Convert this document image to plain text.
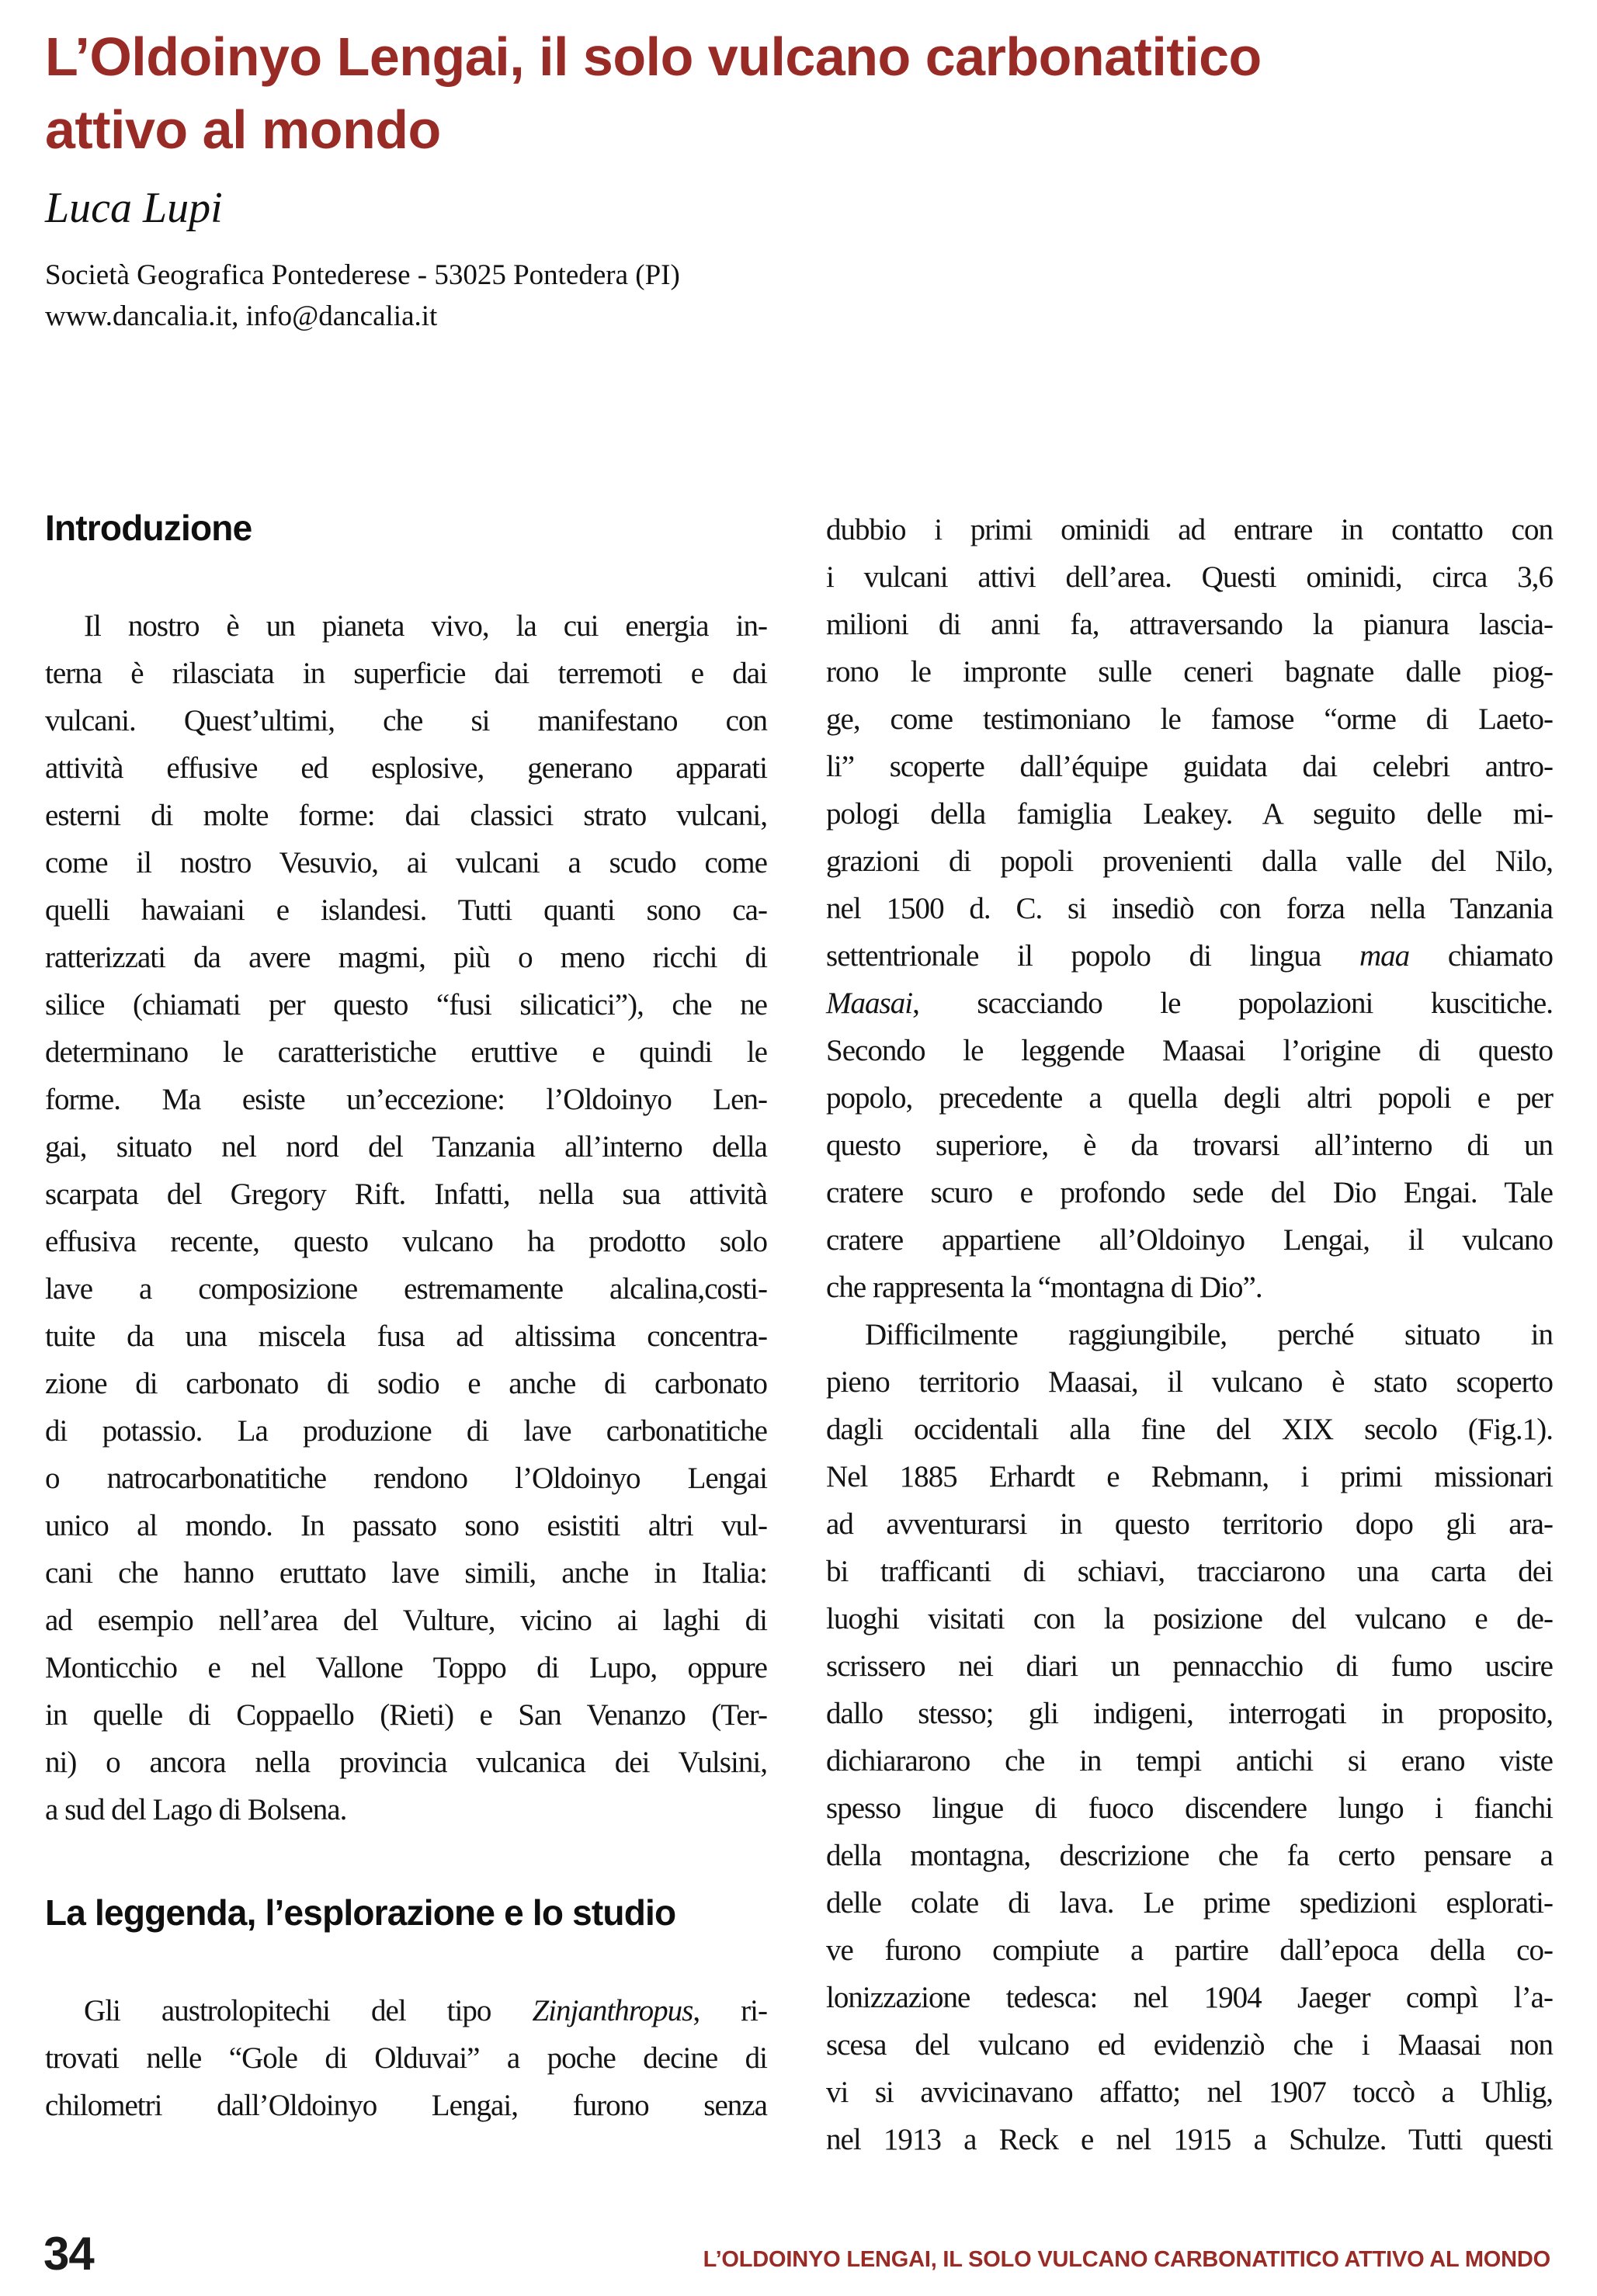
L’Oldoinyo Lengai, il solo vulcano carbonatitico
attivo al mondo
Luca Lupi
Società Geografica Pontederese - 53025 Pontedera (PI)
www.dancalia.it, info@dancalia.it
Introduzione
Il nostro è un pianeta vivo, la cui energia in-
terna è rilasciata in superficie dai terremoti e dai
vulcani. Quest’ultimi, che si manifestano con
attività effusive ed esplosive, generano apparati
esterni di molte forme: dai classici strato vulcani,
come il nostro Vesuvio, ai vulcani a scudo come
quelli hawaiani e islandesi. Tutti quanti sono ca-
ratterizzati da avere magmi, più o meno ricchi di
silice (chiamati per questo “fusi silicatici”), che ne
determinano le caratteristiche eruttive e quindi le
forme. Ma esiste un’eccezione: l’Oldoinyo Len-
gai, situato nel nord del Tanzania all’interno della
scarpata del Gregory Rift. Infatti, nella sua attività
effusiva recente, questo vulcano ha prodotto solo
lave a composizione estremamente alcalina,costi-
tuite da una miscela fusa ad altissima concentra-
zione di carbonato di sodio e anche di carbonato
di potassio. La produzione di lave carbonatitiche
o natrocarbonatitiche rendono l’Oldoinyo Lengai
unico al mondo. In passato sono esistiti altri vul-
cani che hanno eruttato lave simili, anche in Italia:
ad esempio nell’area del Vulture, vicino ai laghi di
Monticchio e nel Vallone Toppo di Lupo, oppure
in quelle di Coppaello (Rieti) e San Venanzo (Ter-
ni) o ancora nella provincia vulcanica dei Vulsini,
a sud del Lago di Bolsena.
La leggenda, l’esplorazione e lo studio
Gli austrolopitechi del tipo Zinjanthropus, ri-
trovati nelle “Gole di Olduvai” a poche decine di
chilometri dall’Oldoinyo Lengai, furono senza
dubbio i primi ominidi ad entrare in contatto con
i vulcani attivi dell’area. Questi ominidi, circa 3,6
milioni di anni fa, attraversando la pianura lascia-
rono le impronte sulle ceneri bagnate dalle piog-
ge, come testimoniano le famose “orme di Laeto-
li” scoperte dall’équipe guidata dai celebri antro-
pologi della famiglia Leakey. A seguito delle mi-
grazioni di popoli provenienti dalla valle del Nilo,
nel 1500 d. C. si insediò con forza nella Tanzania
settentrionale il popolo di lingua maa chiamato
Maasai, scacciando le popolazioni kuscitiche.
Secondo le leggende Maasai l’origine di questo
popolo, precedente a quella degli altri popoli e per
questo superiore, è da trovarsi all’interno di un
cratere scuro e profondo sede del Dio Engai. Tale
cratere appartiene all’Oldoinyo Lengai, il vulcano
che rappresenta la “montagna di Dio”.
Difficilmente raggiungibile, perché situato in
pieno territorio Maasai, il vulcano è stato scoperto
dagli occidentali alla fine del XIX secolo (Fig.1).
Nel 1885 Erhardt e Rebmann, i primi missionari
ad avventurarsi in questo territorio dopo gli ara-
bi trafficanti di schiavi, tracciarono una carta dei
luoghi visitati con la posizione del vulcano e de-
scrissero nei diari un pennacchio di fumo uscire
dallo stesso; gli indigeni, interrogati in proposito,
dichiararono che in tempi antichi si erano viste
spesso lingue di fuoco discendere lungo i fianchi
della montagna, descrizione che fa certo pensare a
delle colate di lava. Le prime spedizioni esplorati-
ve furono compiute a partire dall’epoca della co-
lonizzazione tedesca: nel 1904 Jaeger compì l’a-
scesa del vulcano ed evidenziò che i Maasai non
vi si avvicinavano affatto; nel 1907 toccò a Uhlig,
nel 1913 a Reck e nel 1915 a Schulze. Tutti questi
34	L’OLDOINYO LENGAI, IL SOLO VULCANO CARBONATITICO ATTIVO AL MONDO
